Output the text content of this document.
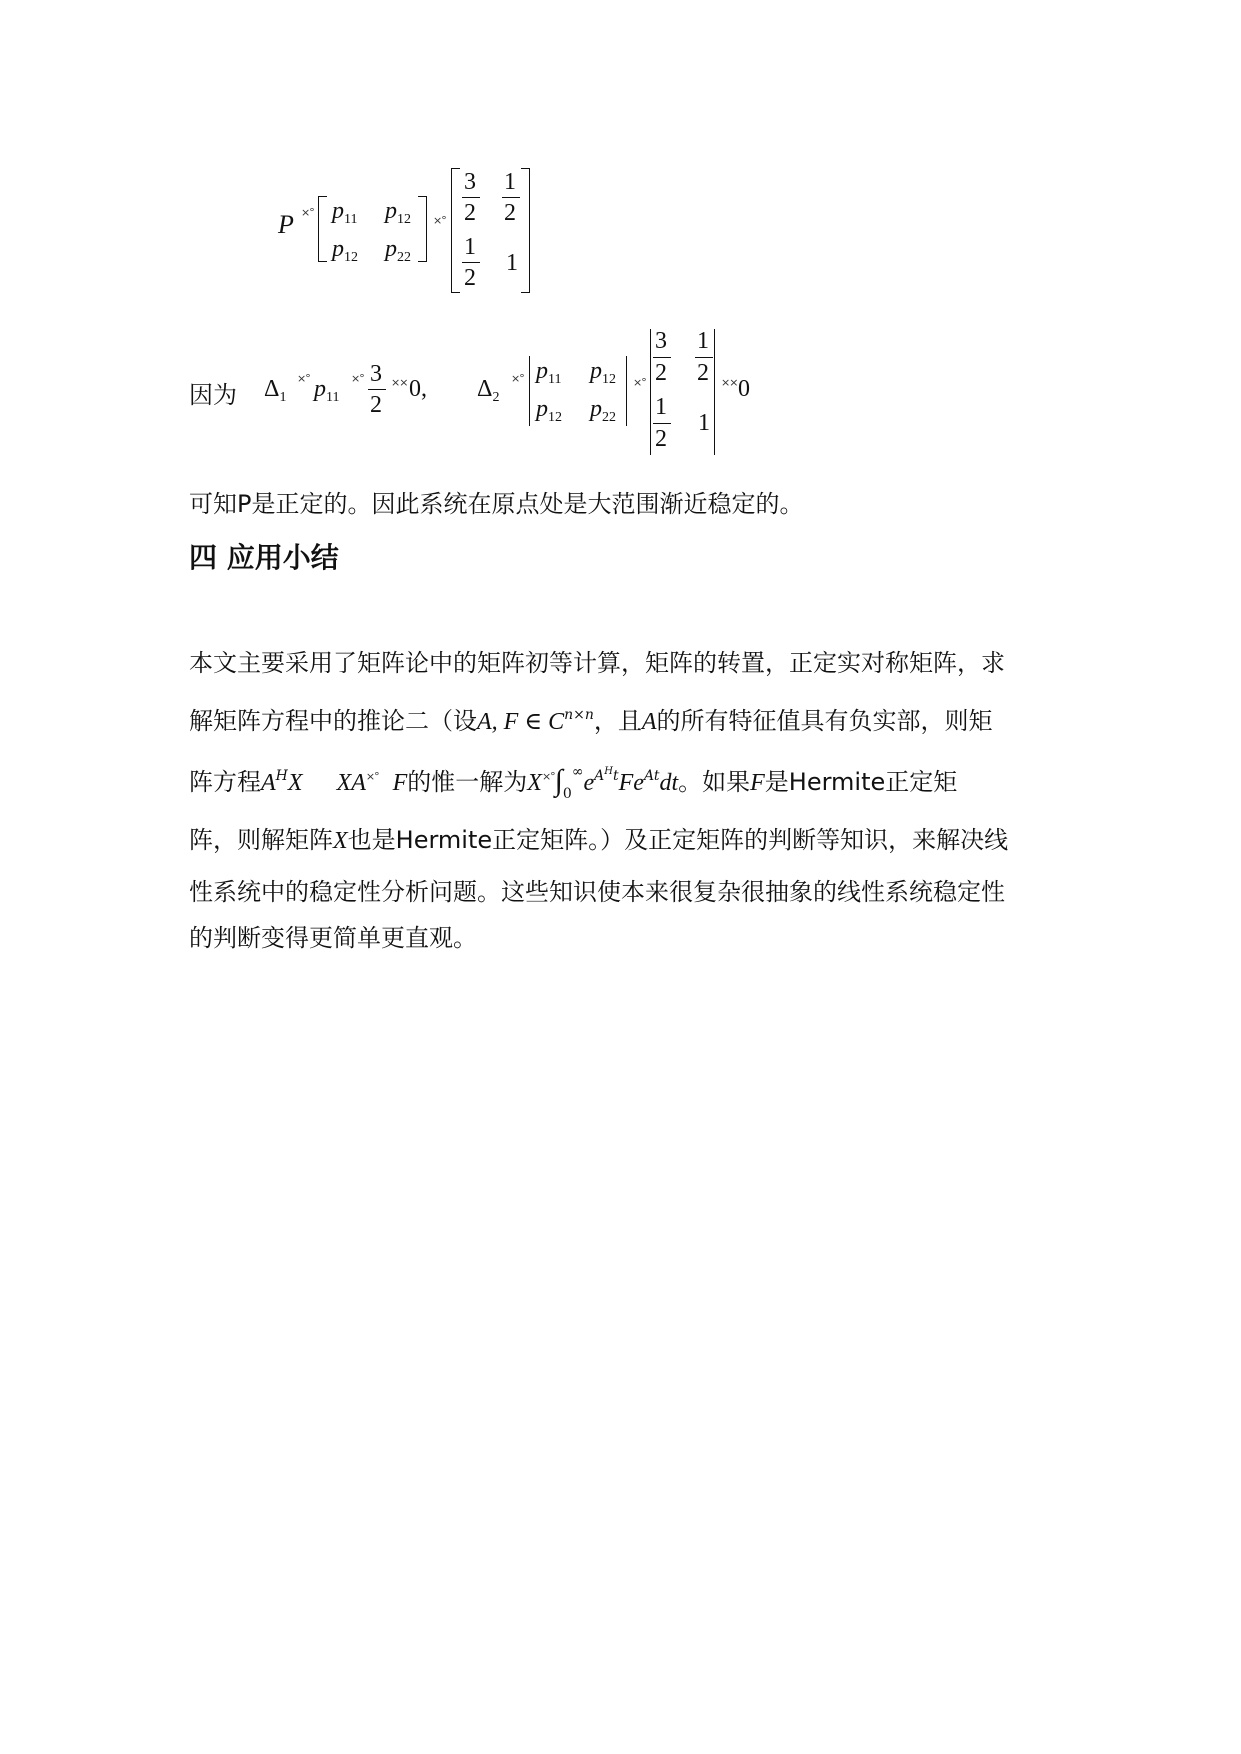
P ×° $p_{11}$ $p_{12}$
$p_{12}$ $p_{22}$
×°
3
2
1
2
1
2
1
因为 $\Delta_1$
×° $p_{11}$
×° 3
2
×× 0, $\Delta_2$
×° $p_{11}$ $p_{12}$
$p_{12}$ $p_{22}$
×°
3
2
1
2
1
2
1
×× 0
可知P是正定的。因此系统在原点处是大范围渐近稳定的。
四 应用小结
本文主要采用了矩阵论中的矩阵初等计算，矩阵的转置，正定实对称矩阵，求
解矩阵方程中的推论二（设A, F ∈ $C^{n\times n}$，且A的所有特征值具有负实部，则矩
阵方程$A^HX$ XA×° F的惟一解为$X^{\times^\circ}\int_0^\infty e^{AHt}Fe^{At}dt$。如果F是Hermite正定矩
阵，则解矩阵X也是Hermite正定矩阵。）及正定矩阵的判断等知识，来解决线
性系统中的稳定性分析问题。这些知识使本来很复杂很抽象的线性系统稳定性
的判断变得更简单更直观。
